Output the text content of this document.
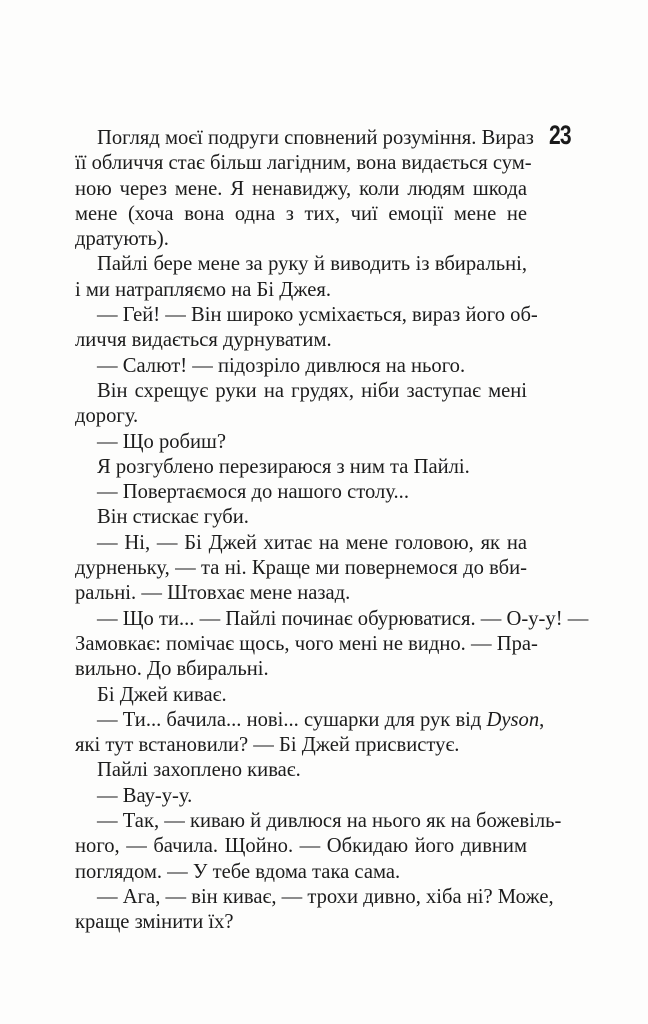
23
Погляд моєї подруги сповнений розуміння. Вираз
її обличчя стає більш лагідним, вона видається сум-
ною через мене. Я ненавиджу, коли людям шкода
мене (хоча вона одна з тих, чиї емоції мене не
дратують).
Пайлі бере мене за руку й виводить із вбиральні,
і ми натрапляємо на Бі Джея.
— Гей! — Він широко усміхається, вираз його об-
личчя видається дурнуватим.
— Салют! — підозріло дивлюся на нього.
Він схрещує руки на грудях, ніби заступає мені
дорогу.
— Що робиш?
Я розгублено перезираюся з ним та Пайлі.
— Повертаємося до нашого столу...
Він стискає губи.
— Ні, — Бі Джей хитає на мене головою, як на
дурненьку, — та ні. Краще ми повернемося до вби-
ральні. — Штовхає мене назад.
— Що ти... — Пайлі починає обурюватися. — О-у-у! —
Замовкає: помічає щось, чого мені не видно. — Пра-
вильно. До вбиральні.
Бі Джей киває.
— Ти... бачила... нові... сушарки для рук від Dyson,
які тут встановили? — Бі Джей присвистує.
Пайлі захоплено киває.
— Вау-у-у.
— Так, — киваю й дивлюся на нього як на божевіль-
ного, — бачила. Щойно. — Обкидаю його дивним
поглядом. — У тебе вдома така сама.
— Ага, — він киває, — трохи дивно, хіба ні? Може,
краще змінити їх?
